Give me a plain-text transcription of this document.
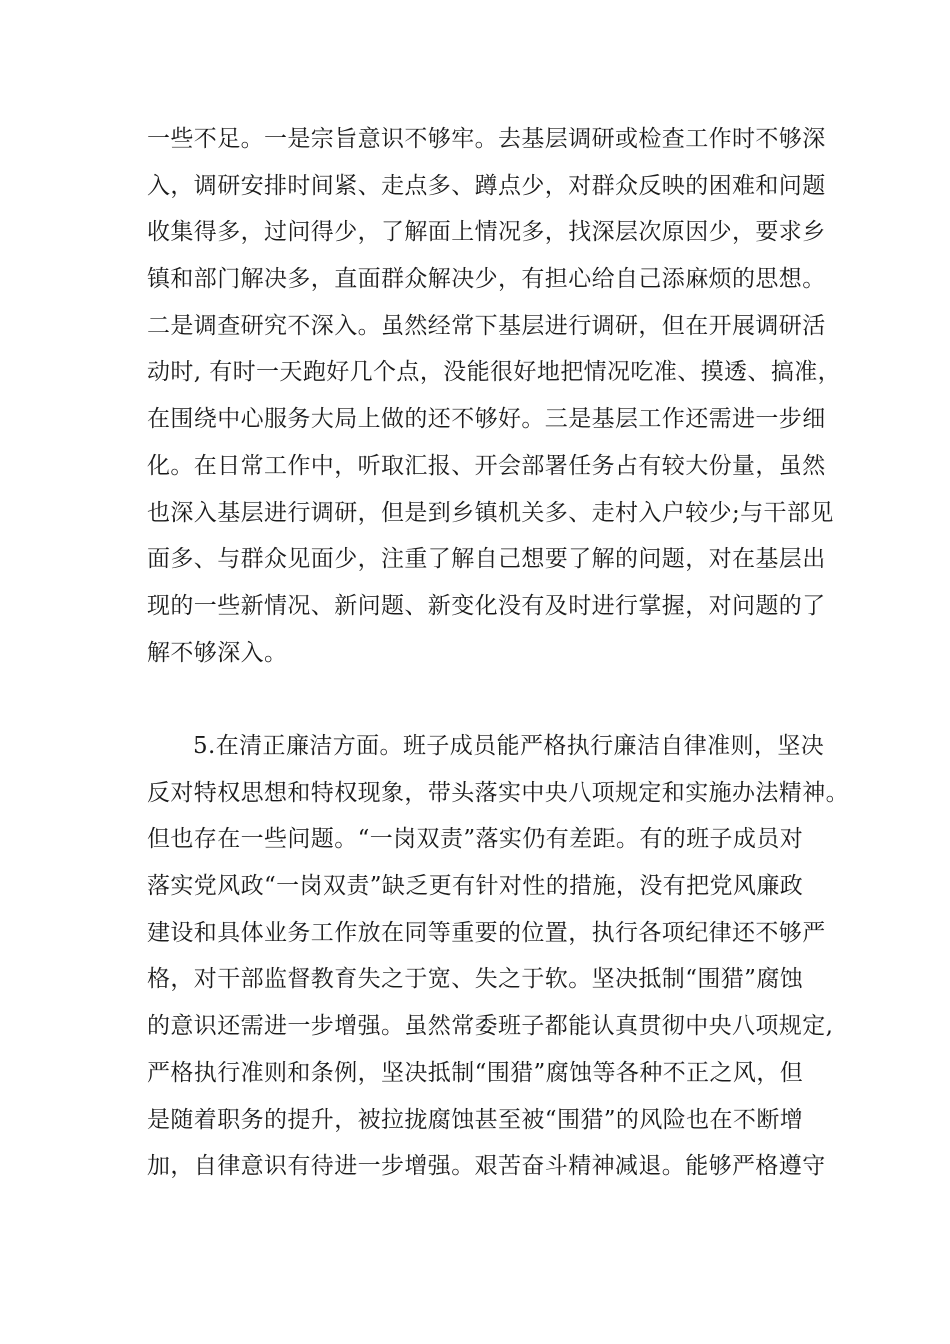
一些不足。一是宗旨意识不够牢。去基层调研或检查工作时不够深
入，调研安排时间紧、走点多、蹲点少，对群众反映的困难和问题
收集得多，过问得少，了解面上情况多，找深层次原因少，要求乡
镇和部门解决多，直面群众解决少，有担心给自己添麻烦的思想。
二是调查研究不深入。虽然经常下基层进行调研，但在开展调研活
动时, 有时一天跑好几个点，没能很好地把情况吃准、摸透、搞准，
在围绕中心服务大局上做的还不够好。三是基层工作还需进一步细
化。在日常工作中，听取汇报、开会部署任务占有较大份量，虽然
也深入基层进行调研，但是到乡镇机关多、走村入户较少;与干部见
面多、与群众见面少，注重了解自己想要了解的问题，对在基层出
现的一些新情况、新问题、新变化没有及时进行掌握，对问题的了
解不够深入。
5.在清正廉洁方面。班子成员能严格执行廉洁自律准则，坚决
反对特权思想和特权现象，带头落实中央八项规定和实施办法精神。
但也存在一些问题。“一岗双责”落实仍有差距。有的班子成员对
落实党风政“一岗双责”缺乏更有针对性的措施，没有把党风廉政
建设和具体业务工作放在同等重要的位置，执行各项纪律还不够严
格，对干部监督教育失之于宽、失之于软。坚决抵制“围猎”腐蚀
的意识还需进一步增强。虽然常委班子都能认真贯彻中央八项规定,
严格执行准则和条例，坚决抵制“围猎”腐蚀等各种不正之风，但
是随着职务的提升，被拉拢腐蚀甚至被“围猎”的风险也在不断增
加，自律意识有待进一步增强。艰苦奋斗精神减退。能够严格遵守
